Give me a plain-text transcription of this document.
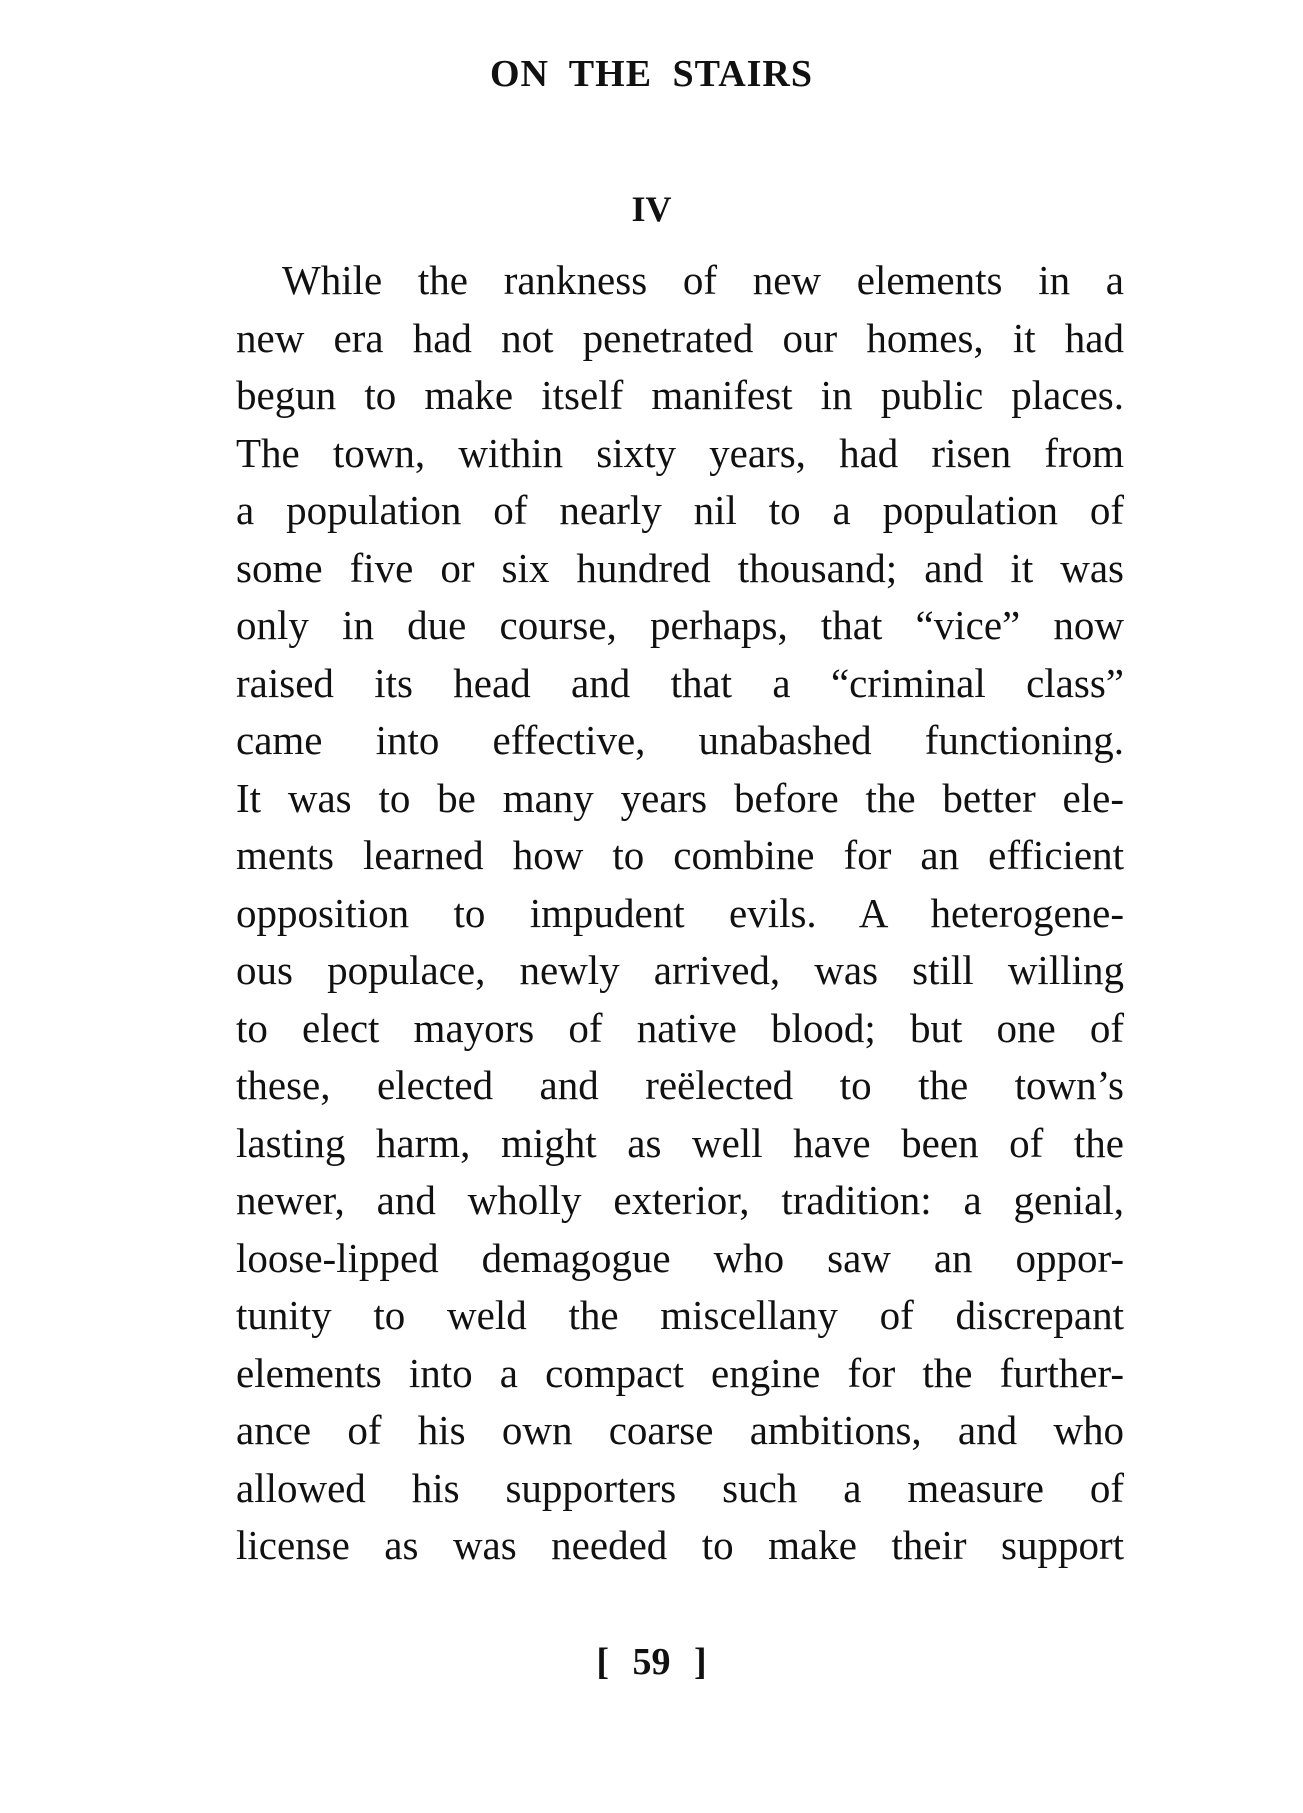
ON THE STAIRS
IV
While the rankness of new elements in a
new era had not penetrated our homes, it had
begun to make itself manifest in public places.
The town, within sixty years, had risen from
a population of nearly nil to a population of
some five or six hundred thousand; and it was
only in due course, perhaps, that “vice” now
raised its head and that a “criminal class”
came into effective, unabashed functioning.
It was to be many years before the better ele-
ments learned how to combine for an efficient
opposition to impudent evils. A heterogene-
ous populace, newly arrived, was still willing
to elect mayors of native blood; but one of
these, elected and reëlected to the town’s
lasting harm, might as well have been of the
newer, and wholly exterior, tradition: a genial,
loose-lipped demagogue who saw an oppor-
tunity to weld the miscellany of discrepant
elements into a compact engine for the further-
ance of his own coarse ambitions, and who
allowed his supporters such a measure of
license as was needed to make their support
[ 59 ]
